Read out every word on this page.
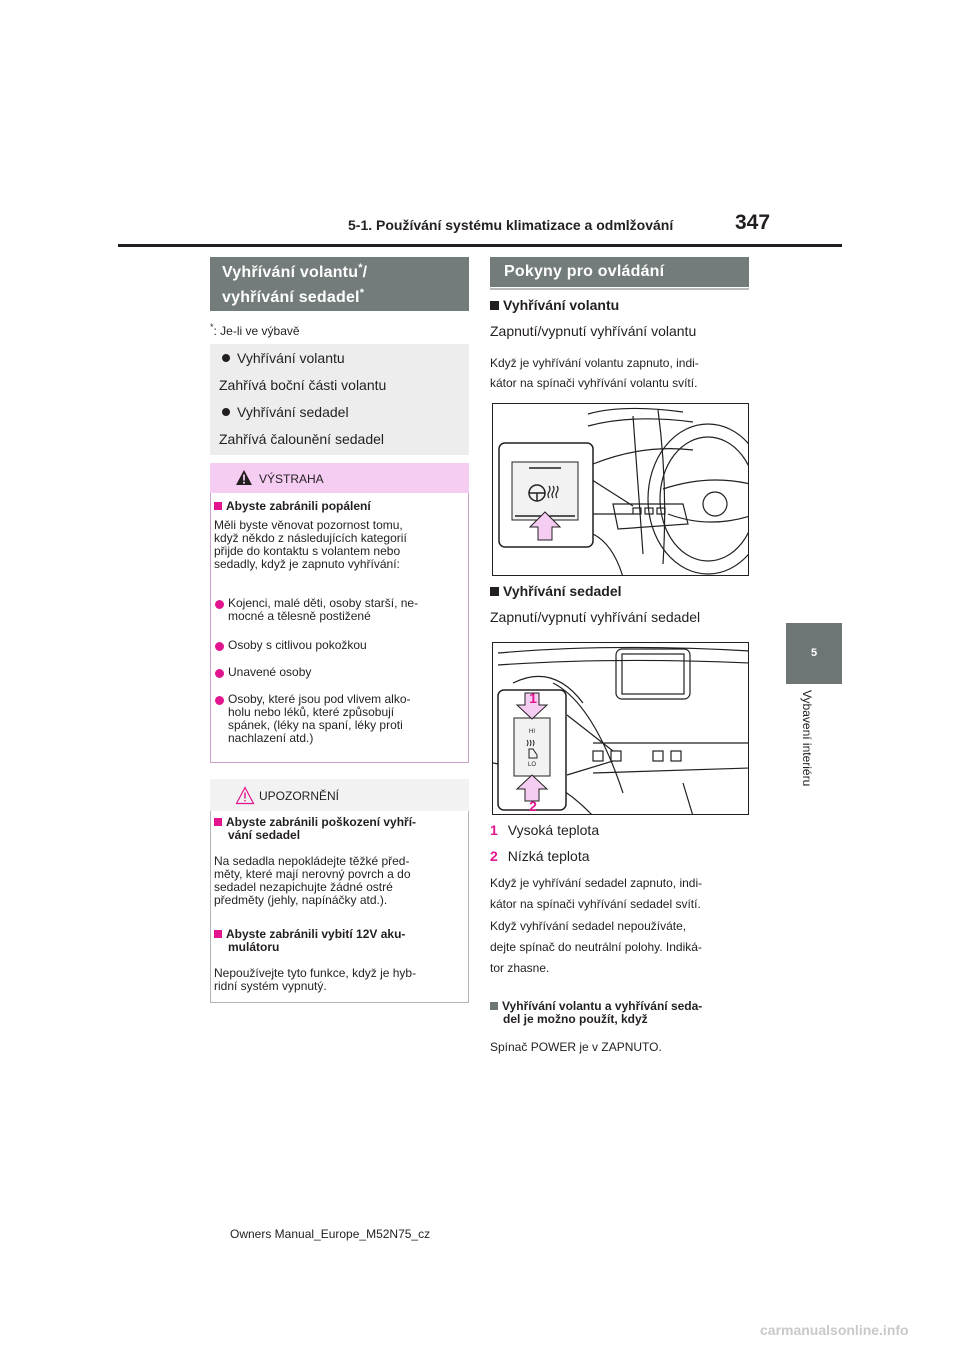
5-1. Používání systému klimatizace a odmlžování	347
5
Vybavení interiéru
Vyhřívání volantu*/
vyhřívání sedadel*
*: Je-li ve výbavě
Vyhřívání volantu
Zahřívá boční části volantu
Vyhřívání sedadel
Zahřívá čalounění sedadel
VÝSTRAHA
Abyste zabránili popálení
Měli byste věnovat pozornost tomu,
když někdo z následujících kategorií
přijde do kontaktu s volantem nebo
sedadly, když je zapnuto vyhřívání:
Kojenci, malé děti, osoby starší, ne-
mocné a tělesně postižené
Osoby s citlivou pokožkou
Unavené osoby
Osoby, které jsou pod vlivem alko-
holu nebo léků, které způsobují
spánek, (léky na spaní, léky proti
nachlazení atd.)
UPOZORNĚNÍ
Abyste zabránili poškození vyhří-
vání sedadel
Na sedadla nepokládejte těžké před-
měty, které mají nerovný povrch a do
sedadel nezapichujte žádné ostré
předměty (jehly, napínáčky atd.).
Abyste zabránili vybití 12V aku-
mulátoru
Nepoužívejte tyto funkce, když je hyb-
ridní systém vypnutý.
Pokyny pro ovládání
Vyhřívání volantu
Zapnutí/vypnutí vyhřívání volantu
Když je vyhřívání volantu zapnuto, indi-
kátor na spínači vyhřívání volantu svítí.
Vyhřívání sedadel
Zapnutí/vypnutí vyhřívání sedadel
HI
LO
1
2
1 Vysoká teplota
2 Nízká teplota
Když je vyhřívání sedadel zapnuto, indi-
kátor na spínači vyhřívání sedadel svítí.
Když vyhřívání sedadel nepoužíváte,
dejte spínač do neutrální polohy. Indiká-
tor zhasne.
Vyhřívání volantu a vyhřívání seda-
del je možno použít, když
Spínač POWER je v ZAPNUTO.
Owners Manual_Europe_M52N75_cz
carmanualsonline.info
